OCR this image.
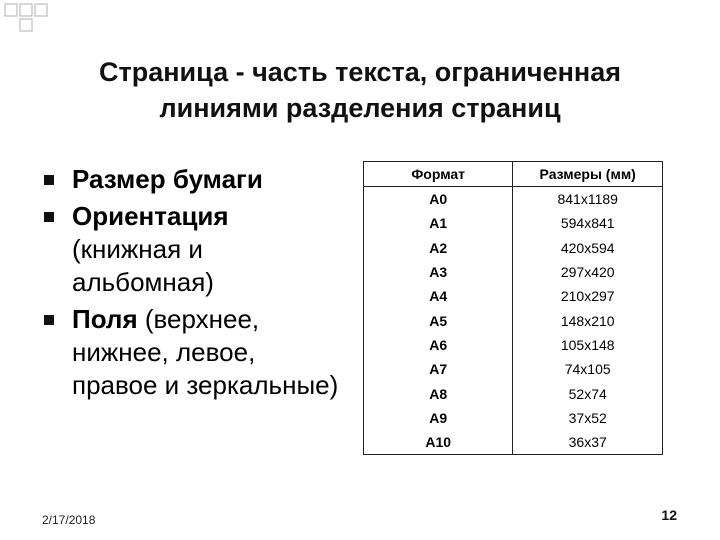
Страница - часть текста, ограниченная
линиями разделения страниц
Размер бумаги
Ориентация (книжная и альбомная)
Поля (верхнее, нижнее, левое, правое и зеркальные)
Формат	Размеры (мм)
А0	841х1189
А1	594х841
А2	420х594
А3	297х420
А4	210х297
А5	148х210
А6	105х148
А7	74х105
А8	52х74
А9	37х52
А10	36х37
2/17/2018	12
